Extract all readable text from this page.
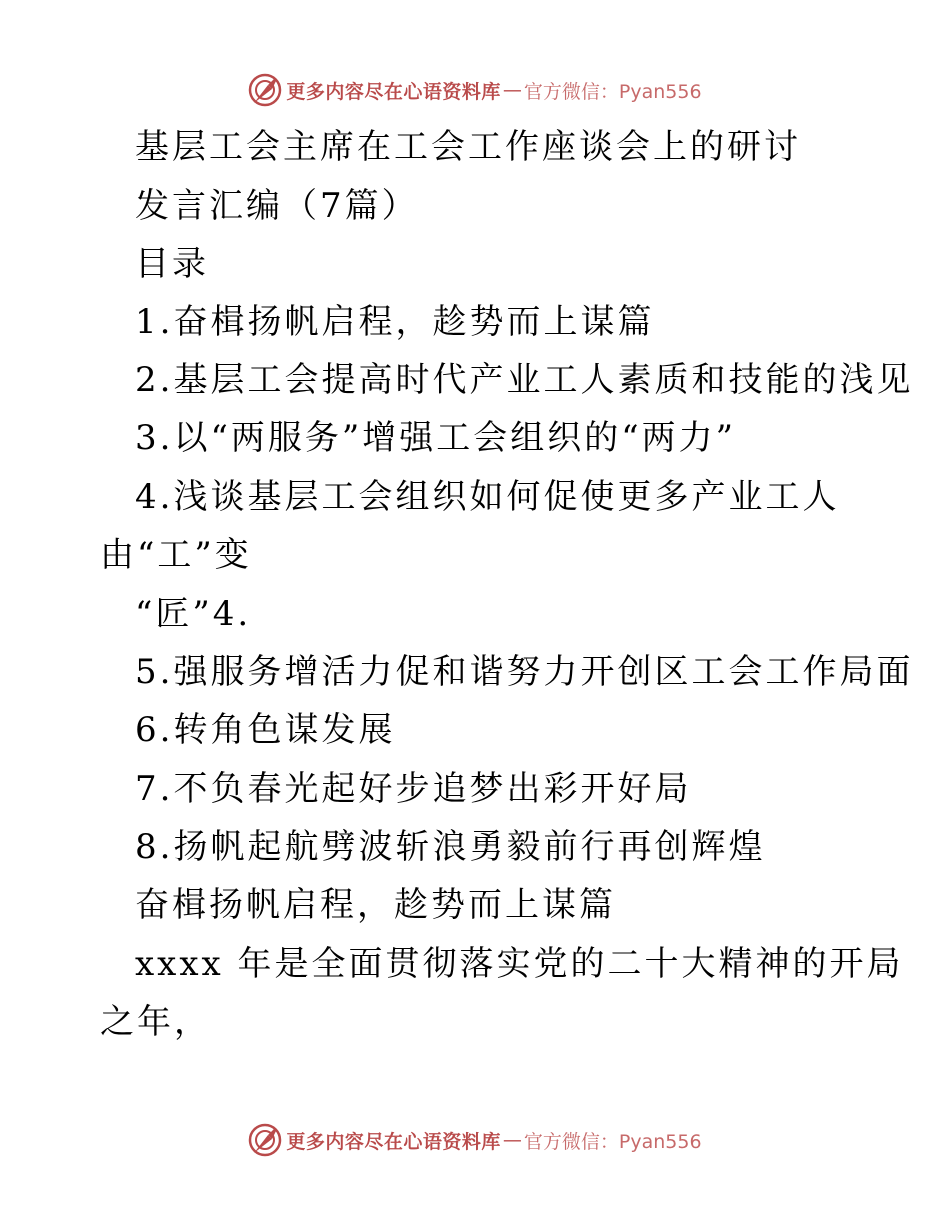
更多内容尽在心语资料库 — 官方微信：Pyan556
基层工会主席在工会工作座谈会上的研讨
发言汇编（7篇）
目录
1.奋楫扬帆启程，趁势而上谋篇
2.基层工会提高时代产业工人素质和技能的浅见
3.以“两服务”增强工会组织的“两力”
4.浅谈基层工会组织如何促使更多产业工人
由“工”变
“匠”4.
5.强服务增活力促和谐努力开创区工会工作局面
6.转角色谋发展
7.不负春光起好步追梦出彩开好局
8.扬帆起航劈波斩浪勇毅前行再创辉煌
奋楫扬帆启程，趁势而上谋篇
xxxx 年是全面贯彻落实党的二十大精神的开局
之年，
更多内容尽在心语资料库 — 官方微信：Pyan556
